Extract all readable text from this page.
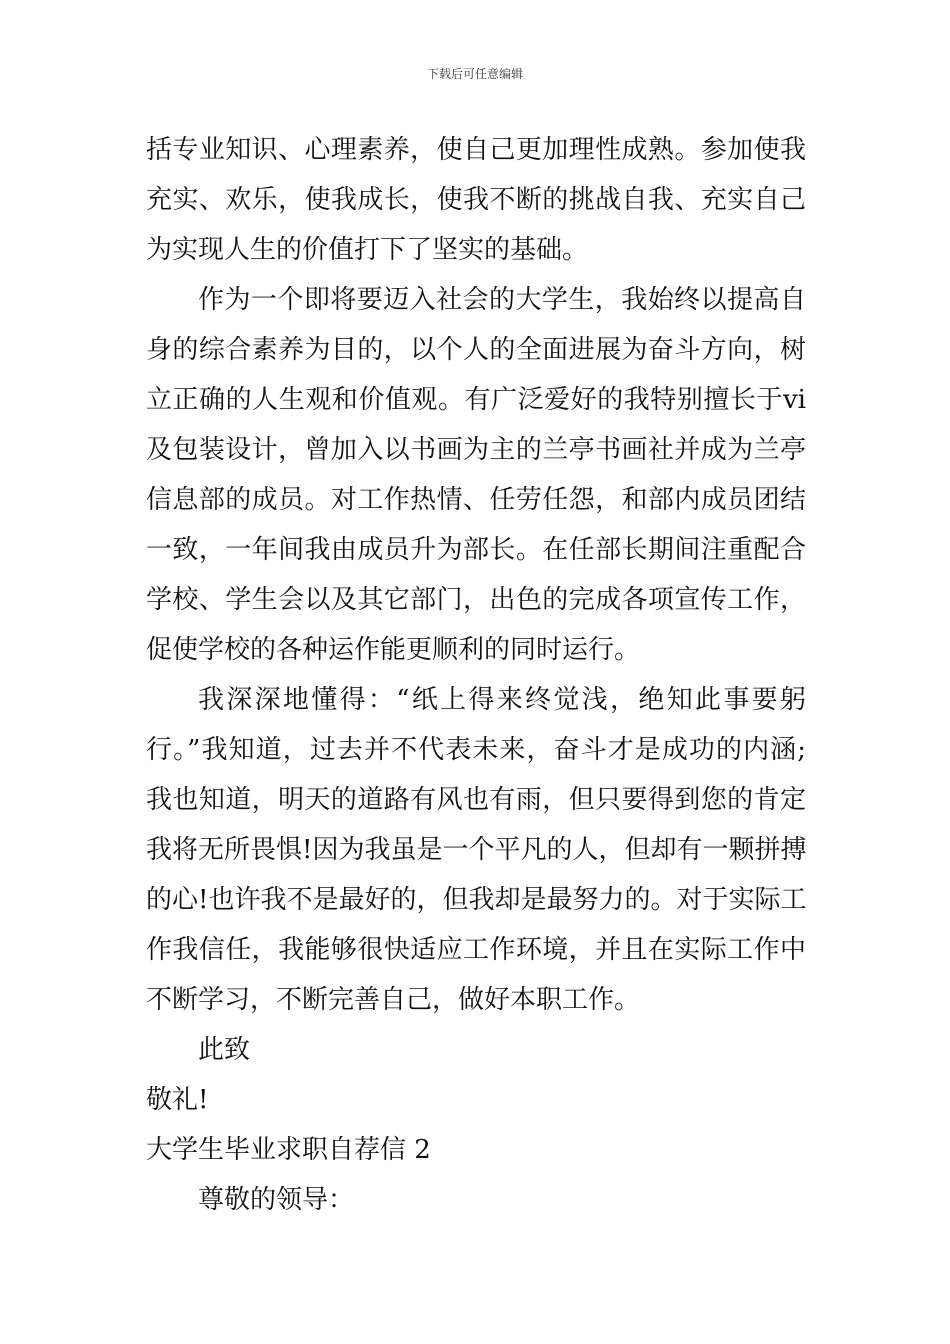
下载后可任意编辑
括专业知识、心理素养，使自己更加理性成熟。参加使我
充实、欢乐，使我成长，使我不断的挑战自我、充实自己
为实现人生的价值打下了坚实的基础。
作为一个即将要迈入社会的大学生，我始终以提高自
身的综合素养为目的，以个人的全面进展为奋斗方向，树
立正确的人生观和价值观。有广泛爱好的我特别擅长于vi
及包装设计，曾加入以书画为主的兰亭书画社并成为兰亭
信息部的成员。对工作热情、任劳任怨，和部内成员团结
一致，一年间我由成员升为部长。在任部长期间注重配合
学校、学生会以及其它部门，出色的完成各项宣传工作，
促使学校的各种运作能更顺利的同时运行。
我深深地懂得：“纸上得来终觉浅，绝知此事要躬
行。”我知道，过去并不代表未来，奋斗才是成功的内涵;
我也知道，明天的道路有风也有雨，但只要得到您的肯定
我将无所畏惧!因为我虽是一个平凡的人，但却有一颗拼搏
的心!也许我不是最好的，但我却是最努力的。对于实际工
作我信任，我能够很快适应工作环境，并且在实际工作中
不断学习，不断完善自己，做好本职工作。
此致
敬礼!
大学生毕业求职自荐信 2
尊敬的领导：
